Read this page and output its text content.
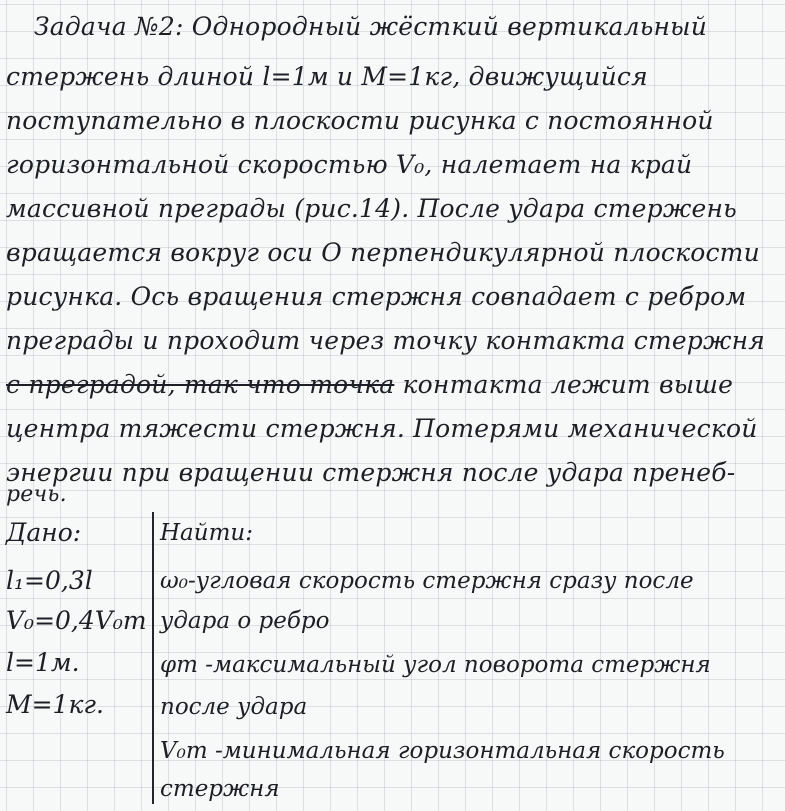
Задача №2: Однородный жёсткий вертикальный
стержень длиной l=1м и M=1кг, движущийся
поступательно в плоскости рисунка с постоянной
горизонтальной скоростью V₀, налетает на край
массивной преграды (рис.14). После удара стержень
вращается вокруг оси O перпендикулярной плоскости
рисунка. Ось вращения стержня совпадает с ребром
преграды и проходит через точку контакта стержня
с преградой, так что точка контакта лежит выше
центра тяжести стержня. Потерями механической
энергии при вращении стержня после удара пренеб-
речь.
Дано:
l₁=0,3l
V₀=0,4V₀m
l=1м.
M=1кг.
Найти:
ω₀-угловая скорость стержня сразу после
удара о ребро
φm -максимальный угол поворота стержня
после удара
V₀m -минимальная горизонтальная скорость
стержня
